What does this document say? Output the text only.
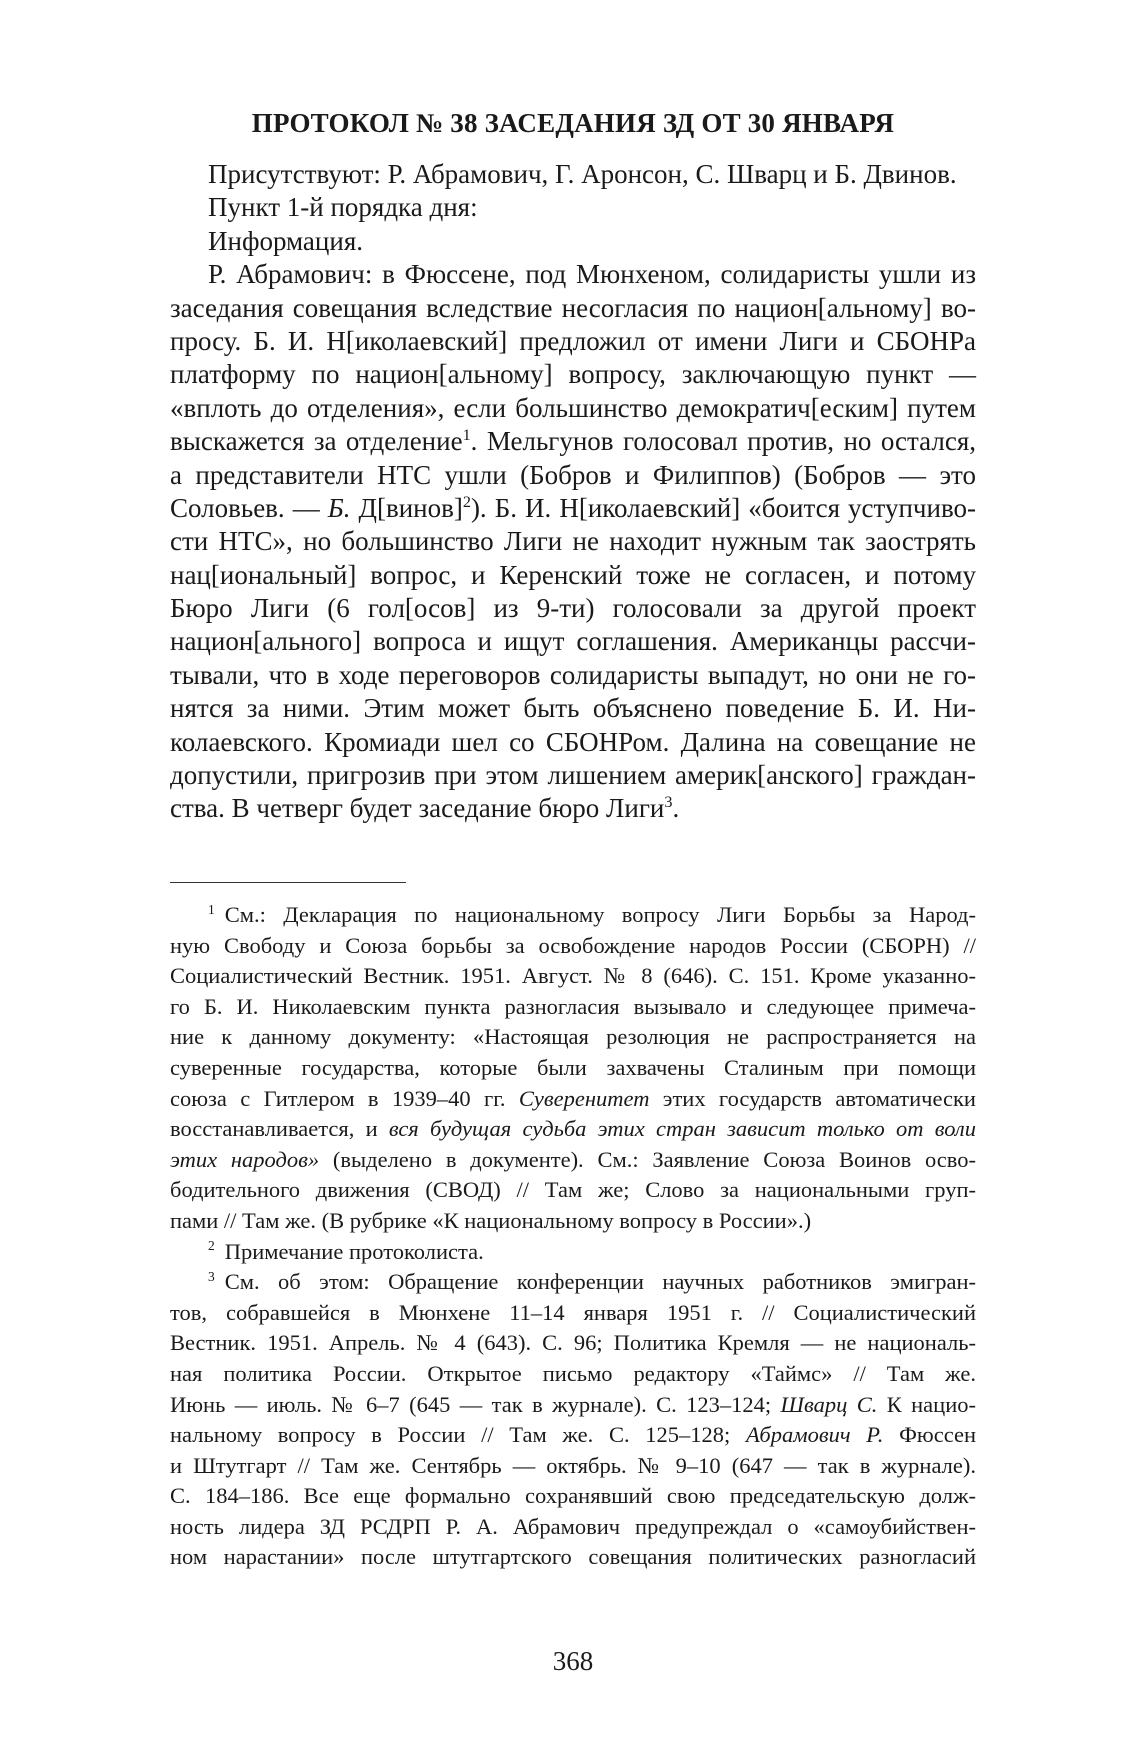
ПРОТОКОЛ № 38 ЗАСЕДАНИЯ ЗД ОТ 30 ЯНВАРЯ
Присутствуют: Р. Абрамович, Г. Аронсон, С. Шварц и Б. Двинов.
Пункт 1-й порядка дня:
Информация.
Р. Абрамович: в Фюссене, под Мюнхеном, солидаристы ушли из
заседания совещания вследствие несогласия по национ[альному] во-
просу. Б. И. Н[иколаевский] предложил от имени Лиги и СБОНРа
платформу по национ[альному] вопросу, заключающую пункт —
«вплоть до отделения», если большинство демократич[еским] путем
выскажется за отделение$^1$. Мельгунов голосовал против, но остался,
а представители НТС ушли (Бобров и Филиппов) (Бобров — это
Соловьев. — Б. Д[винов]$^2$). Б. И. Н[иколаевский] «боится уступчиво-
сти НТС», но большинство Лиги не находит нужным так заострять
нац[иональный] вопрос, и Керенский тоже не согласен, и потому
Бюро Лиги (6 гол[осов] из 9-ти) голосовали за другой проект
национ[ального] вопроса и ищут соглашения. Американцы рассчи-
тывали, что в ходе переговоров солидаристы выпадут, но они не го-
нятся за ними. Этим может быть объяснено поведение Б. И. Ни-
колаевского. Кромиади шел со СБОНРом. Далина на совещание не
допустили, пригрозив при этом лишением америк[анского] граждан-
ства. В четверг будет заседание бюро Лиги$^3$.
$^1$ См.: Декларация по национальному вопросу Лиги Борьбы за Народ-
ную Свободу и Союза борьбы за освобождение народов России (СБОРН) //
Социалистический Вестник. 1951. Август. № 8 (646). С. 151. Кроме указанно-
го Б. И. Николаевским пункта разногласия вызывало и следующее примеча-
ние к данному документу: «Настоящая резолюция не распространяется на
суверенные государства, которые были захвачены Сталиным при помощи
союза с Гитлером в 1939–40 гг. Суверенитет этих государств автоматически
восстанавливается, и вся будущая судьба этих стран зависит только от воли
этих народов» (выделено в документе). См.: Заявление Союза Воинов осво-
бодительного движения (СВОД) // Там же; Слово за национальными груп-
пами // Там же. (В рубрике «К национальному вопросу в России».)
$^2$ Примечание протоколиста.
$^3$ См. об этом: Обращение конференции научных работников эмигран-
тов, собравшейся в Мюнхене 11–14 января 1951 г. // Социалистический
Вестник. 1951. Апрель. № 4 (643). С. 96; Политика Кремля — не националь-
ная политика России. Открытое письмо редактору «Таймс» // Там же.
Июнь — июль. № 6–7 (645 — так в журнале). С. 123–124; Шварц С. К нацио-
нальному вопросу в России // Там же. С. 125–128; Абрамович Р. Фюссен
и Штутгарт // Там же. Сентябрь — октябрь. № 9–10 (647 — так в журнале).
С. 184–186. Все еще формально сохранявший свою председательскую долж-
ность лидера ЗД РСДРП Р. А. Абрамович предупреждал о «самоубийствен-
ном нарастании» после штутгартского совещания политических разногласий
368
